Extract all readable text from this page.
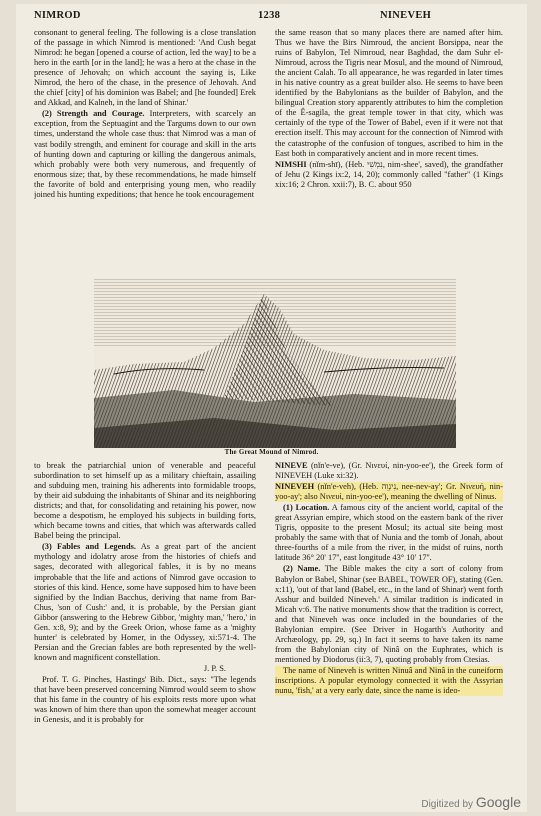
NIMROD	1238	NINEVEH

consonant to general feeling. The following is a close translation of the passage in which Nimrod is mentioned: 'And Cush begat Nimrod: he began [opened a course of action, led the way] to be a hero in the earth [or in the land]; he was a hero at the chase in the presence of Jehovah; on which account the saying is, Like Nimrod, the hero of the chase, in the presence of Jehovah. And the chief [city] of his dominion was Babel; and [he founded] Erek and Akkad, and Kalneh, in the land of Shinar.'

(2) Strength and Courage. Interpreters, with scarcely an exception, from the Septuagint and the Targums down to our own times, understand the whole case thus: that Nimrod was a man of vast bodily strength, and eminent for courage and skill in the arts of hunting down and capturing or killing the dangerous animals, which probably were both very numerous, and frequently of enormous size; that, by these recommendations, he made himself the favorite of bold and enterprising young men, who readily joined his hunting expeditions; that hence he took encouragement

the same reason that so many places there are named after him. Thus we have the Birs Nimroud, the ancient Borsippa, near the ruins of Babylon, Tel Nimroud, near Baghdad, the dam Suhr el-Nimroud, across the Tigris near Mosul, and the mound of Nimroud, the ancient Calah. To all appearance, he was regarded in later times in his native country as a great builder also. He seems to have been identified by the Babylonians as the builder of Babylon, and the bilingual Creation story apparently attributes to him the completion of the Ê-sagila, the great temple tower in that city, which was certainly of the type of the Tower of Babel, even if it were not that erection itself. This may account for the connection of Nimrod with the catastrophe of the confusion of tongues, ascribed to him in the East both in comparatively ancient and in more recent times.

NIMSHI (nĭm-shī), (Heb. נִמְשִׁי, nim-shee', saved), the grandfather of Jehu (2 Kings ix:2, 14, 20); commonly called "father" (1 Kings xix:16; 2 Chron. xxii:7), B. C. about 950

The Great Mound of Nimrod.

to break the patriarchial union of venerable and peaceful subordination to set himself up as a military chieftain, assailing and subduing men, training his adherents into formidable troops, by their aid subduing the inhabitants of Shinar and its neighboring districts; and that, for consolidating and retaining his power, now become a despotism, he employed his subjects in building forts, which became towns and cities, that which was afterwards called Babel being the principal.

(3) Fables and Legends. As a great part of the ancient mythology and idolatry arose from the histories of chiefs and sages, decorated with allegorical fables, it is by no means improbable that the life and actions of Nimrod gave occasion to stories of this kind. Hence, some have supposed him to have been signified by the Indian Bacchus, deriving that name from Bar-Chus, 'son of Cush:' and, it is probable, by the Persian giant Gibbor (answering to the Hebrew Gibbor, 'mighty man,' 'hero,' in Gen. x:8, 9); and by the Greek Orion, whose fame as a 'mighty hunter' is celebrated by Homer, in the Odyssey, xi:571-4. The Persian and the Grecian fables are both represented by the well-known and magnificent constellation.

J. P. S.

Prof. T. G. Pinches, Hastings' Bib. Dict., says: "The legends that have been preserved concerning Nimrod would seem to show that his fame in the country of his exploits rests more upon what was known of him there than upon the somewhat meager account in Genesis, and it is probably for

NINEVE (nĭn'e-ve), (Gr. Νινευί, nin-yoo-ee'), the Greek form of NINEVEH (Luke xi:32).

NINEVEH (nĭn'e-veh), (Heb. נִינְוֵה, nee-nev-ay'; Gr. Νινευή, nin-yoo-ay'; also Νινευί, nin-yoo-ee'), meaning the dwelling of Ninus.

(1) Location. A famous city of the ancient world, capital of the great Assyrian empire, which stood on the eastern bank of the river Tigris, opposite to the present Mosul; its actual site being most probably the same with that of Nunia and the tomb of Jonah, about three-fourths of a mile from the river, in the midst of ruins, north latitude 36° 20' 17'', east longitude 43° 10' 17''.

(2) Name. The Bible makes the city a sort of colony from Babylon or Babel, Shinar (see BABEL, TOWER OF), stating (Gen. x:11), 'out of that land (Babel, etc., in the land of Shinar) went forth Asshur and builded Nineveh.' A similar tradition is indicated in Micah v:6. The native monuments show that the tradition is correct, and that Nineveh was once included in the boundaries of the Babylonian empire. (See Driver in Hogarth's Authority and Archæology, pp. 29, sq.) In fact it seems to have taken its name from the Babylonian city of Ninâ on the Euphrates, which is mentioned by Diodorus (ii:3, 7), quoting probably from Ctesias.

The name of Nineveh is written Ninuâ and Ninâ in the cuneiform inscriptions. A popular etymology connected it with the Assyrian nunu, 'fish,' at a very early date, since the name is ideo-

Digitized by Google
